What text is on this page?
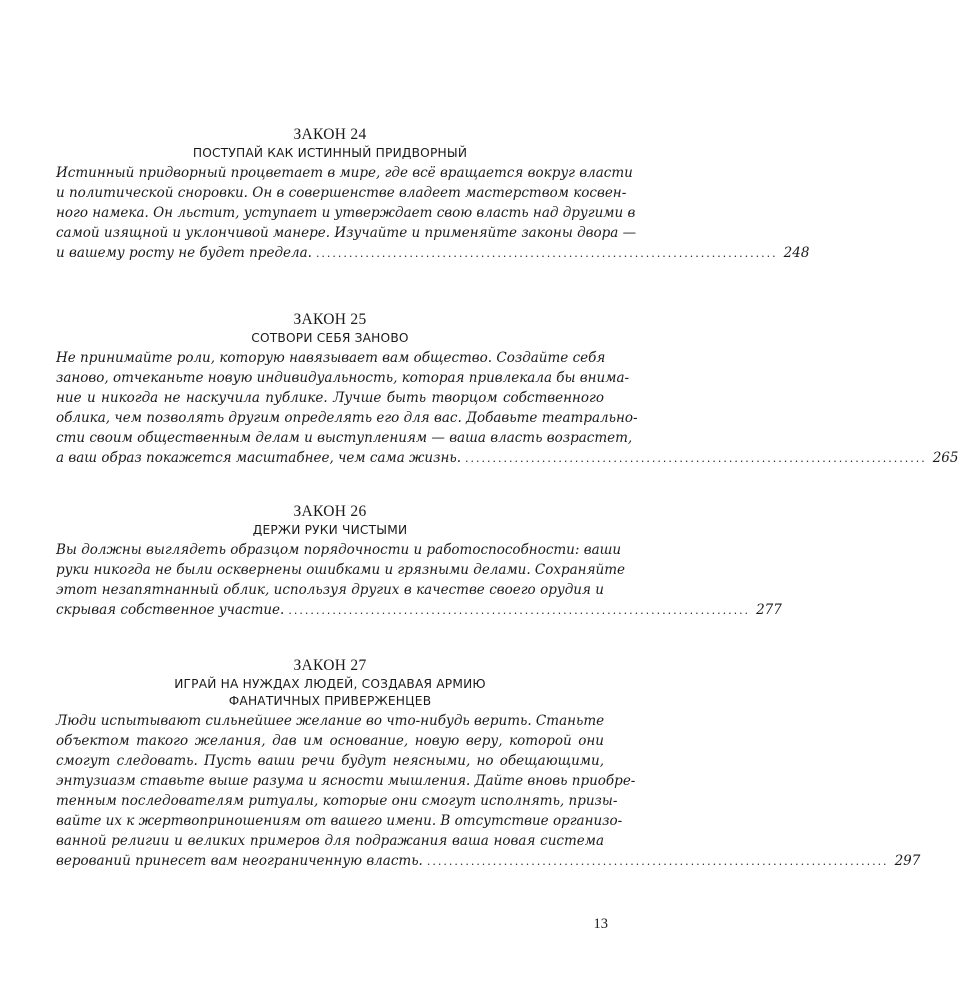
ЗАКОН 24

ПОСТУПАЙ КАК ИСТИННЫЙ ПРИДВОРНЫЙ

Истинный придворный процветает в мире, где всё вращается вокруг власти
и политической сноровки. Он в совершенстве владеет мастерством косвен-
ного намека. Он льстит, уступает и утверждает свою власть над другими в
самой изящной и уклончивой манере. Изучайте и применяйте законы двора —
и вашему росту не будет предела. .................................................................................... 248

ЗАКОН 25

СОТВОРИ СЕБЯ ЗАНОВО

Не принимайте роли, которую навязывает вам общество. Создайте себя
заново, отчеканьте новую индивидуальность, которая привлекала бы внима-
ние и никогда не наскучила публике. Лучше быть творцом собственного
облика, чем позволять другим определять его для вас. Добавьте театрально-
сти своим общественным делам и выступлениям — ваша власть возрастет,
а ваш образ покажется масштабнее, чем сама жизнь. .................................................................................... 265

ЗАКОН 26

ДЕРЖИ РУКИ ЧИСТЫМИ

Вы должны выглядеть образцом порядочности и работоспособности: ваши
руки никогда не были осквернены ошибками и грязными делами. Сохраняйте
этот незапятнанный облик, используя других в качестве своего орудия и
скрывая собственное участие. .................................................................................... 277

ЗАКОН 27

ИГРАЙ НА НУЖДАХ ЛЮДЕЙ, СОЗДАВАЯ АРМИЮ

ФАНАТИЧНЫХ ПРИВЕРЖЕНЦЕВ

Люди испытывают сильнейшее желание во что-нибудь верить. Станьте
объектом такого желания, дав им основание, новую веру, которой они
смогут следовать. Пусть ваши речи будут неясными, но обещающими,
энтузиазм ставьте выше разума и ясности мышления. Дайте вновь приобре-
тенным последователям ритуалы, которые они смогут исполнять, призы-
вайте их к жертвоприношениям от вашего имени. В отсутствие организо-
ванной религии и великих примеров для подражания ваша новая система
верований принесет вам неограниченную власть. .................................................................................... 297
13
